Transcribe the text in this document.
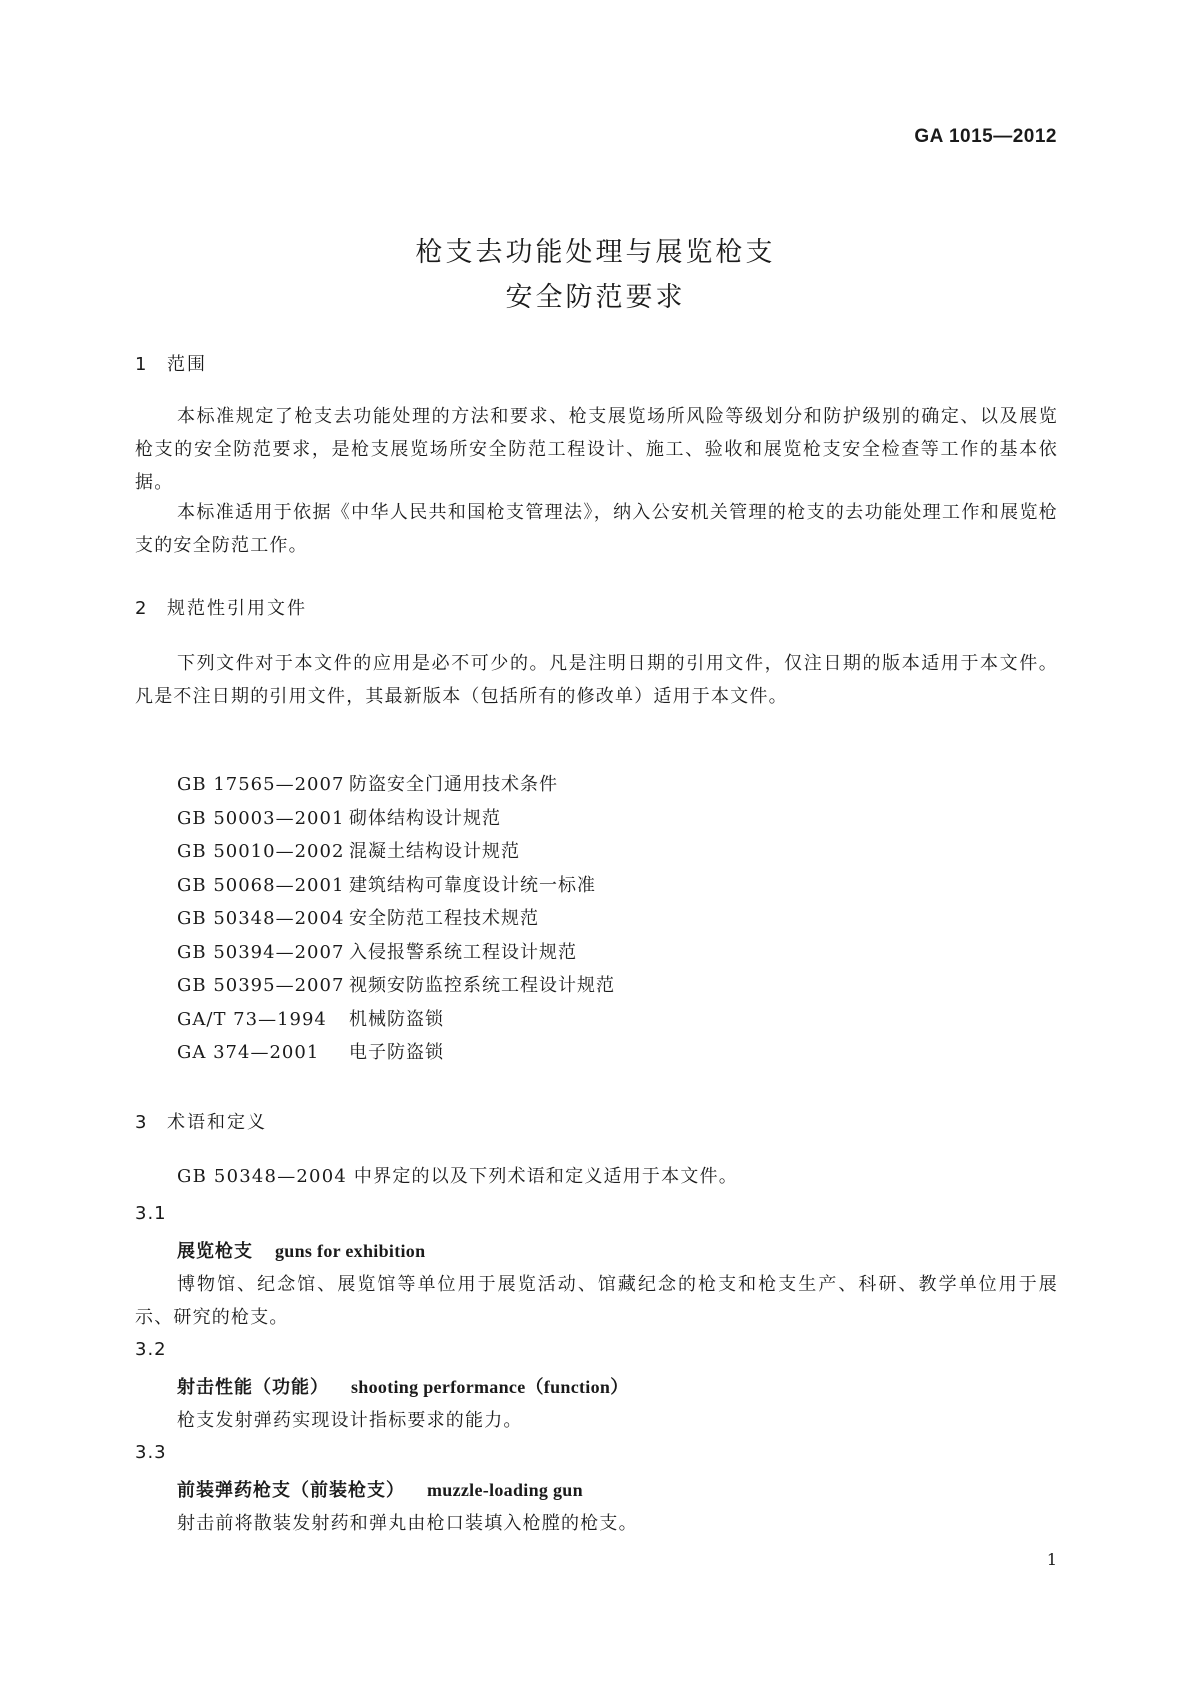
GA 1015—2012
枪支去功能处理与展览枪支
安全防范要求
1 范围

本标准规定了枪支去功能处理的方法和要求、枪支展览场所风险等级划分和防护级别的确定、以及展览枪支的安全防范要求，是枪支展览场所安全防范工程设计、施工、验收和展览枪支安全检查等工作的基本依据。

本标准适用于依据《中华人民共和国枪支管理法》，纳入公安机关管理的枪支的去功能处理工作和展览枪支的安全防范工作。

2 规范性引用文件

下列文件对于本文件的应用是必不可少的。凡是注明日期的引用文件，仅注日期的版本适用于本文件。凡是不注日期的引用文件，其最新版本（包括所有的修改单）适用于本文件。

GB 17565—2007 防盗安全门通用技术条件
GB 50003—2001 砌体结构设计规范
GB 50010—2002 混凝土结构设计规范
GB 50068—2001 建筑结构可靠度设计统一标准
GB 50348—2004 安全防范工程技术规范
GB 50394—2007 入侵报警系统工程设计规范
GB 50395—2007 视频安防监控系统工程设计规范
GA/T 73—1994 机械防盗锁
GA 374—2001 电子防盗锁
3 术语和定义

GB 50348—2004 中界定的以及下列术语和定义适用于本文件。

3.1
展览枪支 guns for exhibition

博物馆、纪念馆、展览馆等单位用于展览活动、馆藏纪念的枪支和枪支生产、科研、教学单位用于展示、研究的枪支。

3.2
射击性能（功能） shooting performance（function）

枪支发射弹药实现设计指标要求的能力。

3.3
前装弹药枪支（前装枪支） muzzle-loading gun

射击前将散装发射药和弹丸由枪口装填入枪膛的枪支。

1
